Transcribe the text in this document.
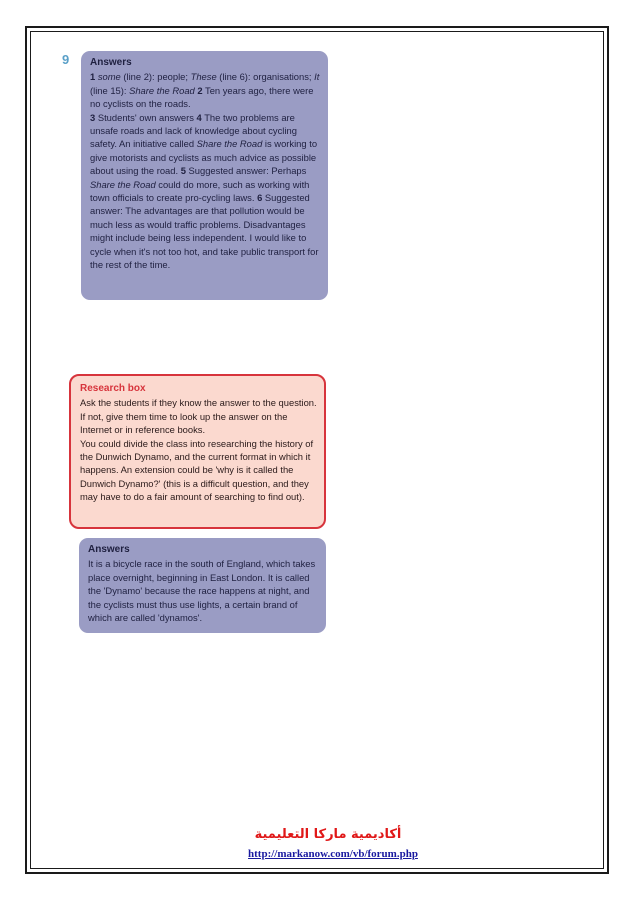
9 Answers

1 some (line 2): people; These (line 6): organisations; It (line 15): Share the Road 2 Ten years ago, there were no cyclists on the roads.
3 Students' own answers 4 The two problems are unsafe roads and lack of knowledge about cycling safety. An initiative called Share the Road is working to give motorists and cyclists as much advice as possible about using the road. 5 Suggested answer: Perhaps Share the Road could do more, such as working with town officials to create pro-cycling laws. 6 Suggested answer: The advantages are that pollution would be much less as would traffic problems. Disadvantages might include being less independent. I would like to cycle when it's not too hot, and take public transport for the rest of the time.

Research box

Ask the students if they know the answer to the question. If not, give them time to look up the answer on the Internet or in reference books.

You could divide the class into researching the history of the Dunwich Dynamo, and the current format in which it happens. An extension could be 'why is it called the Dunwich Dynamo?' (this is a difficult question, and they may have to do a fair amount of searching to find out).

Answers

It is a bicycle race in the south of England, which takes place overnight, beginning in East London. It is called the 'Dynamo' because the race happens at night, and the cyclists must thus use lights, a certain brand of which are called 'dynamos'.

أكاديمية ماركا التعليمية
http://markanow.com/vb/forum.php
